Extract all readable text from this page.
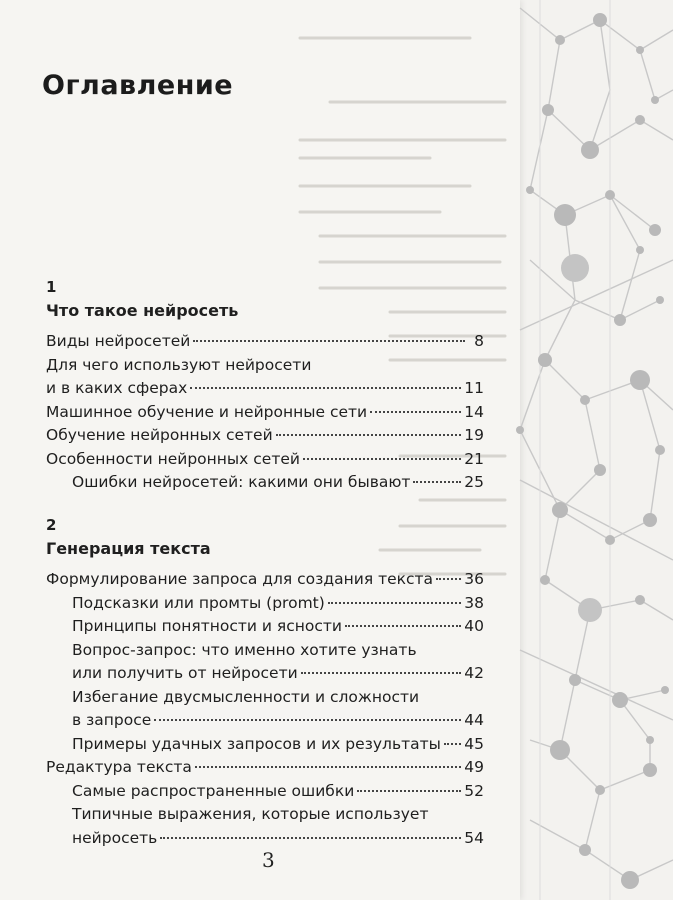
Оглавление
1
Что такое нейросеть
Виды нейросетей	8
Для чего используют нейросети
и в каких сферах	11
Машинное обучение и нейронные сети	14
Обучение нейронных сетей	19
Особенности нейронных сетей	21
Ошибки нейросетей: какими они бывают	25
2
Генерация текста
Формулирование запроса для создания текста 36
Подсказки или промты (promt)	38
Принципы понятности и ясности	40
Вопрос-запрос: что именно хотите узнать
или получить от нейросети	42
Избегание двусмысленности и сложности
в запросе	44
Примеры удачных запросов и их результаты 45
Редактура текста	49
Самые распространенные ошибки	52
Типичные выражения, которые использует
нейросеть	54
3
